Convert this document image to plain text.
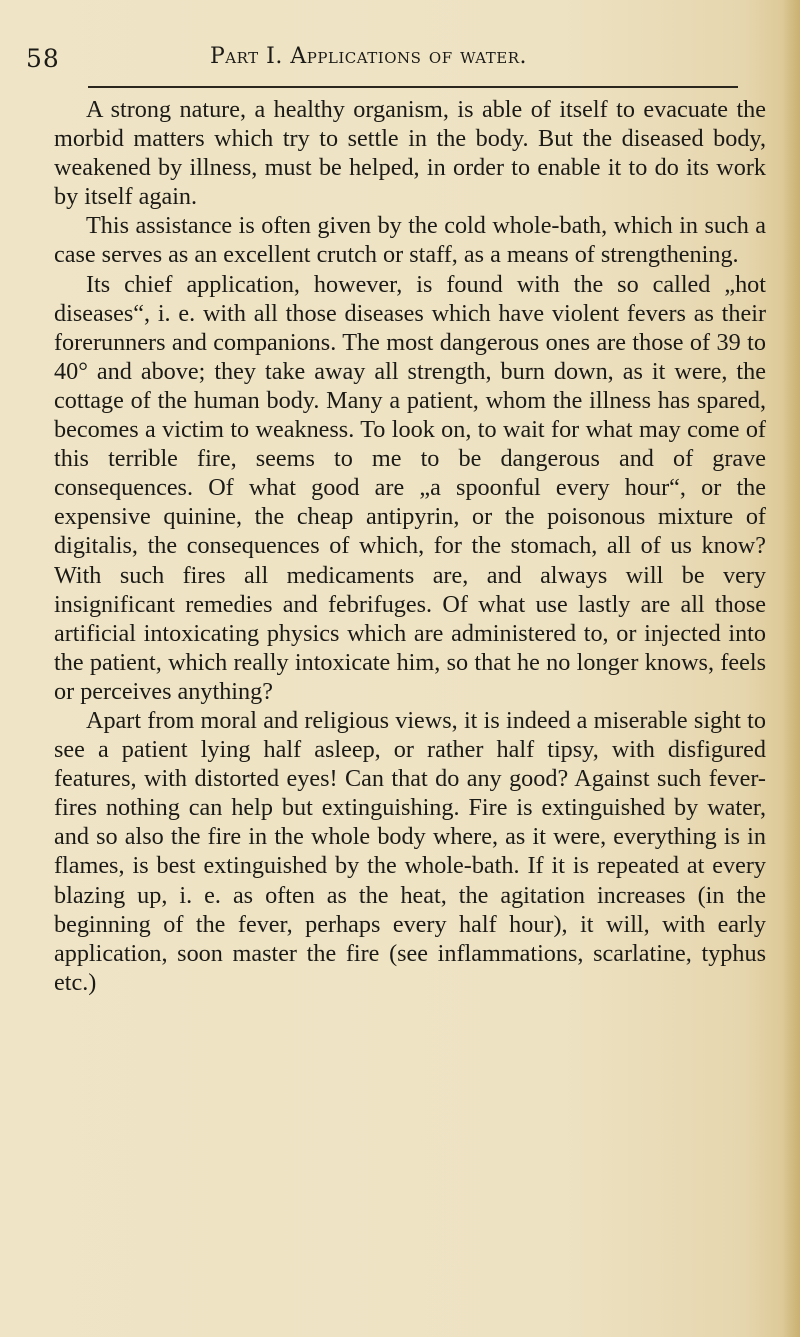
58	Part I. Applications of water.

A strong nature, a healthy organism, is able of itself to evacuate the morbid matters which try to settle in the body. But the diseased body, weakened by illness, must be helped, in order to enable it to do its work by itself again.

This assistance is often given by the cold whole-bath, which in such a case serves as an excellent crutch or staff, as a means of strengthening.

Its chief application, however, is found with the so called „hot diseases“, i. e. with all those diseases which have violent fevers as their forerunners and companions. The most dangerous ones are those of 39 to 40° and above; they take away all strength, burn down, as it were, the cottage of the human body. Many a patient, whom the illness has spared, becomes a victim to weakness. To look on, to wait for what may come of this terrible fire, seems to me to be dangerous and of grave consequences. Of what good are „a spoonful every hour“, or the expensive quinine, the cheap antipyrin, or the poisonous mixture of digitalis, the consequences of which, for the stomach, all of us know? With such fires all medicaments are, and always will be very insignificant remedies and febrifuges. Of what use lastly are all those artificial intoxicating physics which are administered to, or injected into the patient, which really intoxicate him, so that he no longer knows, feels or perceives anything?

Apart from moral and religious views, it is indeed a miserable sight to see a patient lying half asleep, or rather half tipsy, with disfigured features, with distorted eyes! Can that do any good? Against such fever-fires nothing can help but extinguishing. Fire is extinguished by water, and so also the fire in the whole body where, as it were, everything is in flames, is best extinguished by the whole-bath. If it is repeated at every blazing up, i. e. as often as the heat, the agitation increases (in the beginning of the fever, perhaps every half hour), it will, with early application, soon master the fire (see inflammations, scarlatine, typhus etc.)
